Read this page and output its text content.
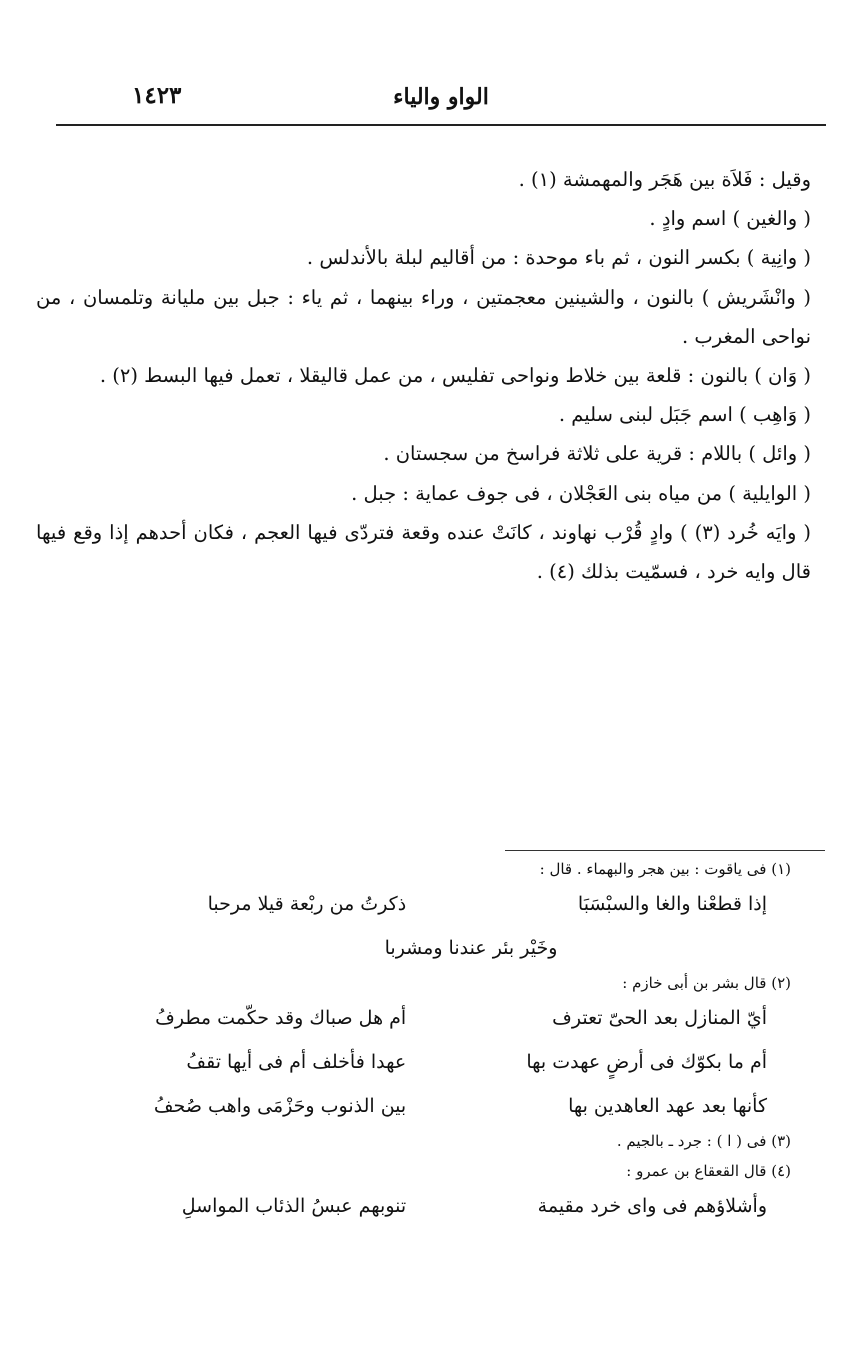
الواو والياء
١٤٢٣

وقيل : فَلاَة بين هَجَر والمهمشة (١) .

( والغين ) اسم وادٍ .

( وانِية ) بكسر النون ، ثم باء موحدة : من أقاليم لبلة بالأندلس .

( وانْشَريش ) بالنون ، والشينين معجمتين ، وراء بينهما ، ثم ياء : جبل بين مليانة وتلمسان ، من نواحى المغرب .

( وَان ) بالنون : قلعة بين خلاط ونواحى تفليس ، من عمل قاليقلا ، تعمل فيها البسط (٢) .

( وَاهِب ) اسم جَبَل لبنى سليم .

( وائل ) باللام : قرية على ثلاثة فراسخ من سجستان .

( الوايلية ) من مياه بنى العَجْلان ، فى جوف عماية : جبل .

( وايَه خُرد (٣) ) وادٍ قُرْب نهاوند ، كانَتْ عنده وقعة فتردّى فيها العجم ، فكان أحدهم إذا وقع فيها قال وايه خرد ، فسمّيت بذلك (٤) .

(١) فى ياقوت : بين هجر والبهماء . قال :

إذا قطعْنا والغا والسبْسَبَا
ذكرتُ من ربْعة قيلا مرحبا

وخَيْر بئر عندنا ومشربا

(٢) قال بشر بن أبى خازم :

أيّ المنازل بعد الحىّ تعترف
أم هل صباك وقد حكّمت مطرفُ
أم ما بكوّك فى أرضٍ عهدت بها
عهدا فأخلف أم فى أيها تقفُ
كأنها بعد عهد العاهدين بها
بين الذنوب وحَزْمَى واهب صُحفُ

(٣) فى ( ا ) : جرد ـ بالجيم .

(٤) قال القعقاع بن عمرو :

وأشلاؤهم فى واى خرد مقيمة
تنوبهم عبسُ الذئاب المواسلِ
